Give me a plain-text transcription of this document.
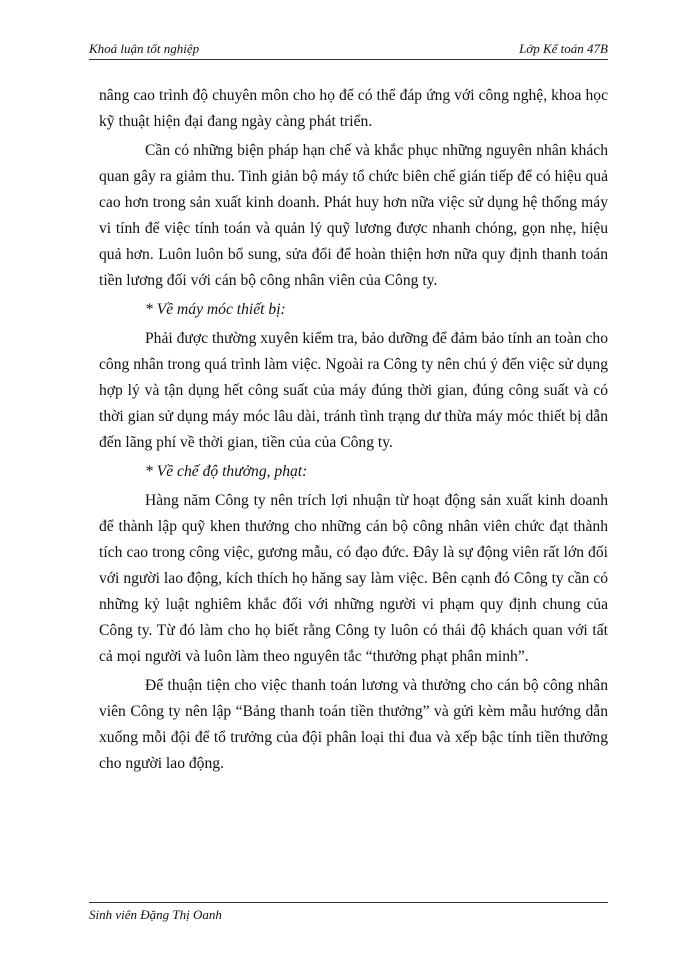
Khoá luận tốt nghiệp	Lớp Kế toán 47B

nâng cao trình độ chuyên môn cho họ để có thể đáp ứng với công nghệ, khoa học kỹ thuật hiện đại đang ngày càng phát triển.

Cần có những biện pháp hạn chế và khắc phục những nguyên nhân khách quan gây ra giảm thu. Tinh giản bộ máy tổ chức biên chế gián tiếp để có hiệu quả cao hơn trong sản xuất kinh doanh. Phát huy hơn nữa việc sử dụng hệ thống máy vi tính để việc tính toán và quản lý quỹ lương được nhanh chóng, gọn nhẹ, hiệu quả hơn. Luôn luôn bổ sung, sửa đổi để hoàn thiện hơn nữa quy định thanh toán tiền lương đối với cán bộ công nhân viên của Công ty.

* Về máy móc thiết bị:

Phải được thường xuyên kiểm tra, bảo dưỡng để đảm bảo tính an toàn cho công nhân trong quá trình làm việc. Ngoài ra Công ty nên chú ý đến việc sử dụng hợp lý và tận dụng hết công suất của máy đúng thời gian, đúng công suất và có thời gian sử dụng máy móc lâu dài, tránh tình trạng dư thừa máy móc thiết bị dẫn đến lãng phí về thời gian, tiền của của Công ty.

* Về chế độ thưởng, phạt:

Hàng năm Công ty nên trích lợi nhuận từ hoạt động sản xuất kinh doanh để thành lập quỹ khen thưởng cho những cán bộ công nhân viên chức đạt thành tích cao trong công việc, gương mẫu, có đạo đức. Đây là sự động viên rất lớn đối với người lao động, kích thích họ hăng say làm việc. Bên cạnh đó Công ty cần có những kỷ luật nghiêm khắc đối với những người vi phạm quy định chung của Công ty. Từ đó làm cho họ biết rằng Công ty luôn có thái độ khách quan với tất cả mọi người và luôn làm theo nguyên tắc “thưởng phạt phân minh”.

Để thuận tiện cho việc thanh toán lương và thưởng cho cán bộ công nhân viên Công ty nên lập “Bảng thanh toán tiền thưởng” và gửi kèm mẫu hướng dẫn xuống mỗi đội để tổ trưởng của đội phân loại thi đua và xếp bậc tính tiền thưởng cho người lao động.

Sinh viên Đặng Thị Oanh
